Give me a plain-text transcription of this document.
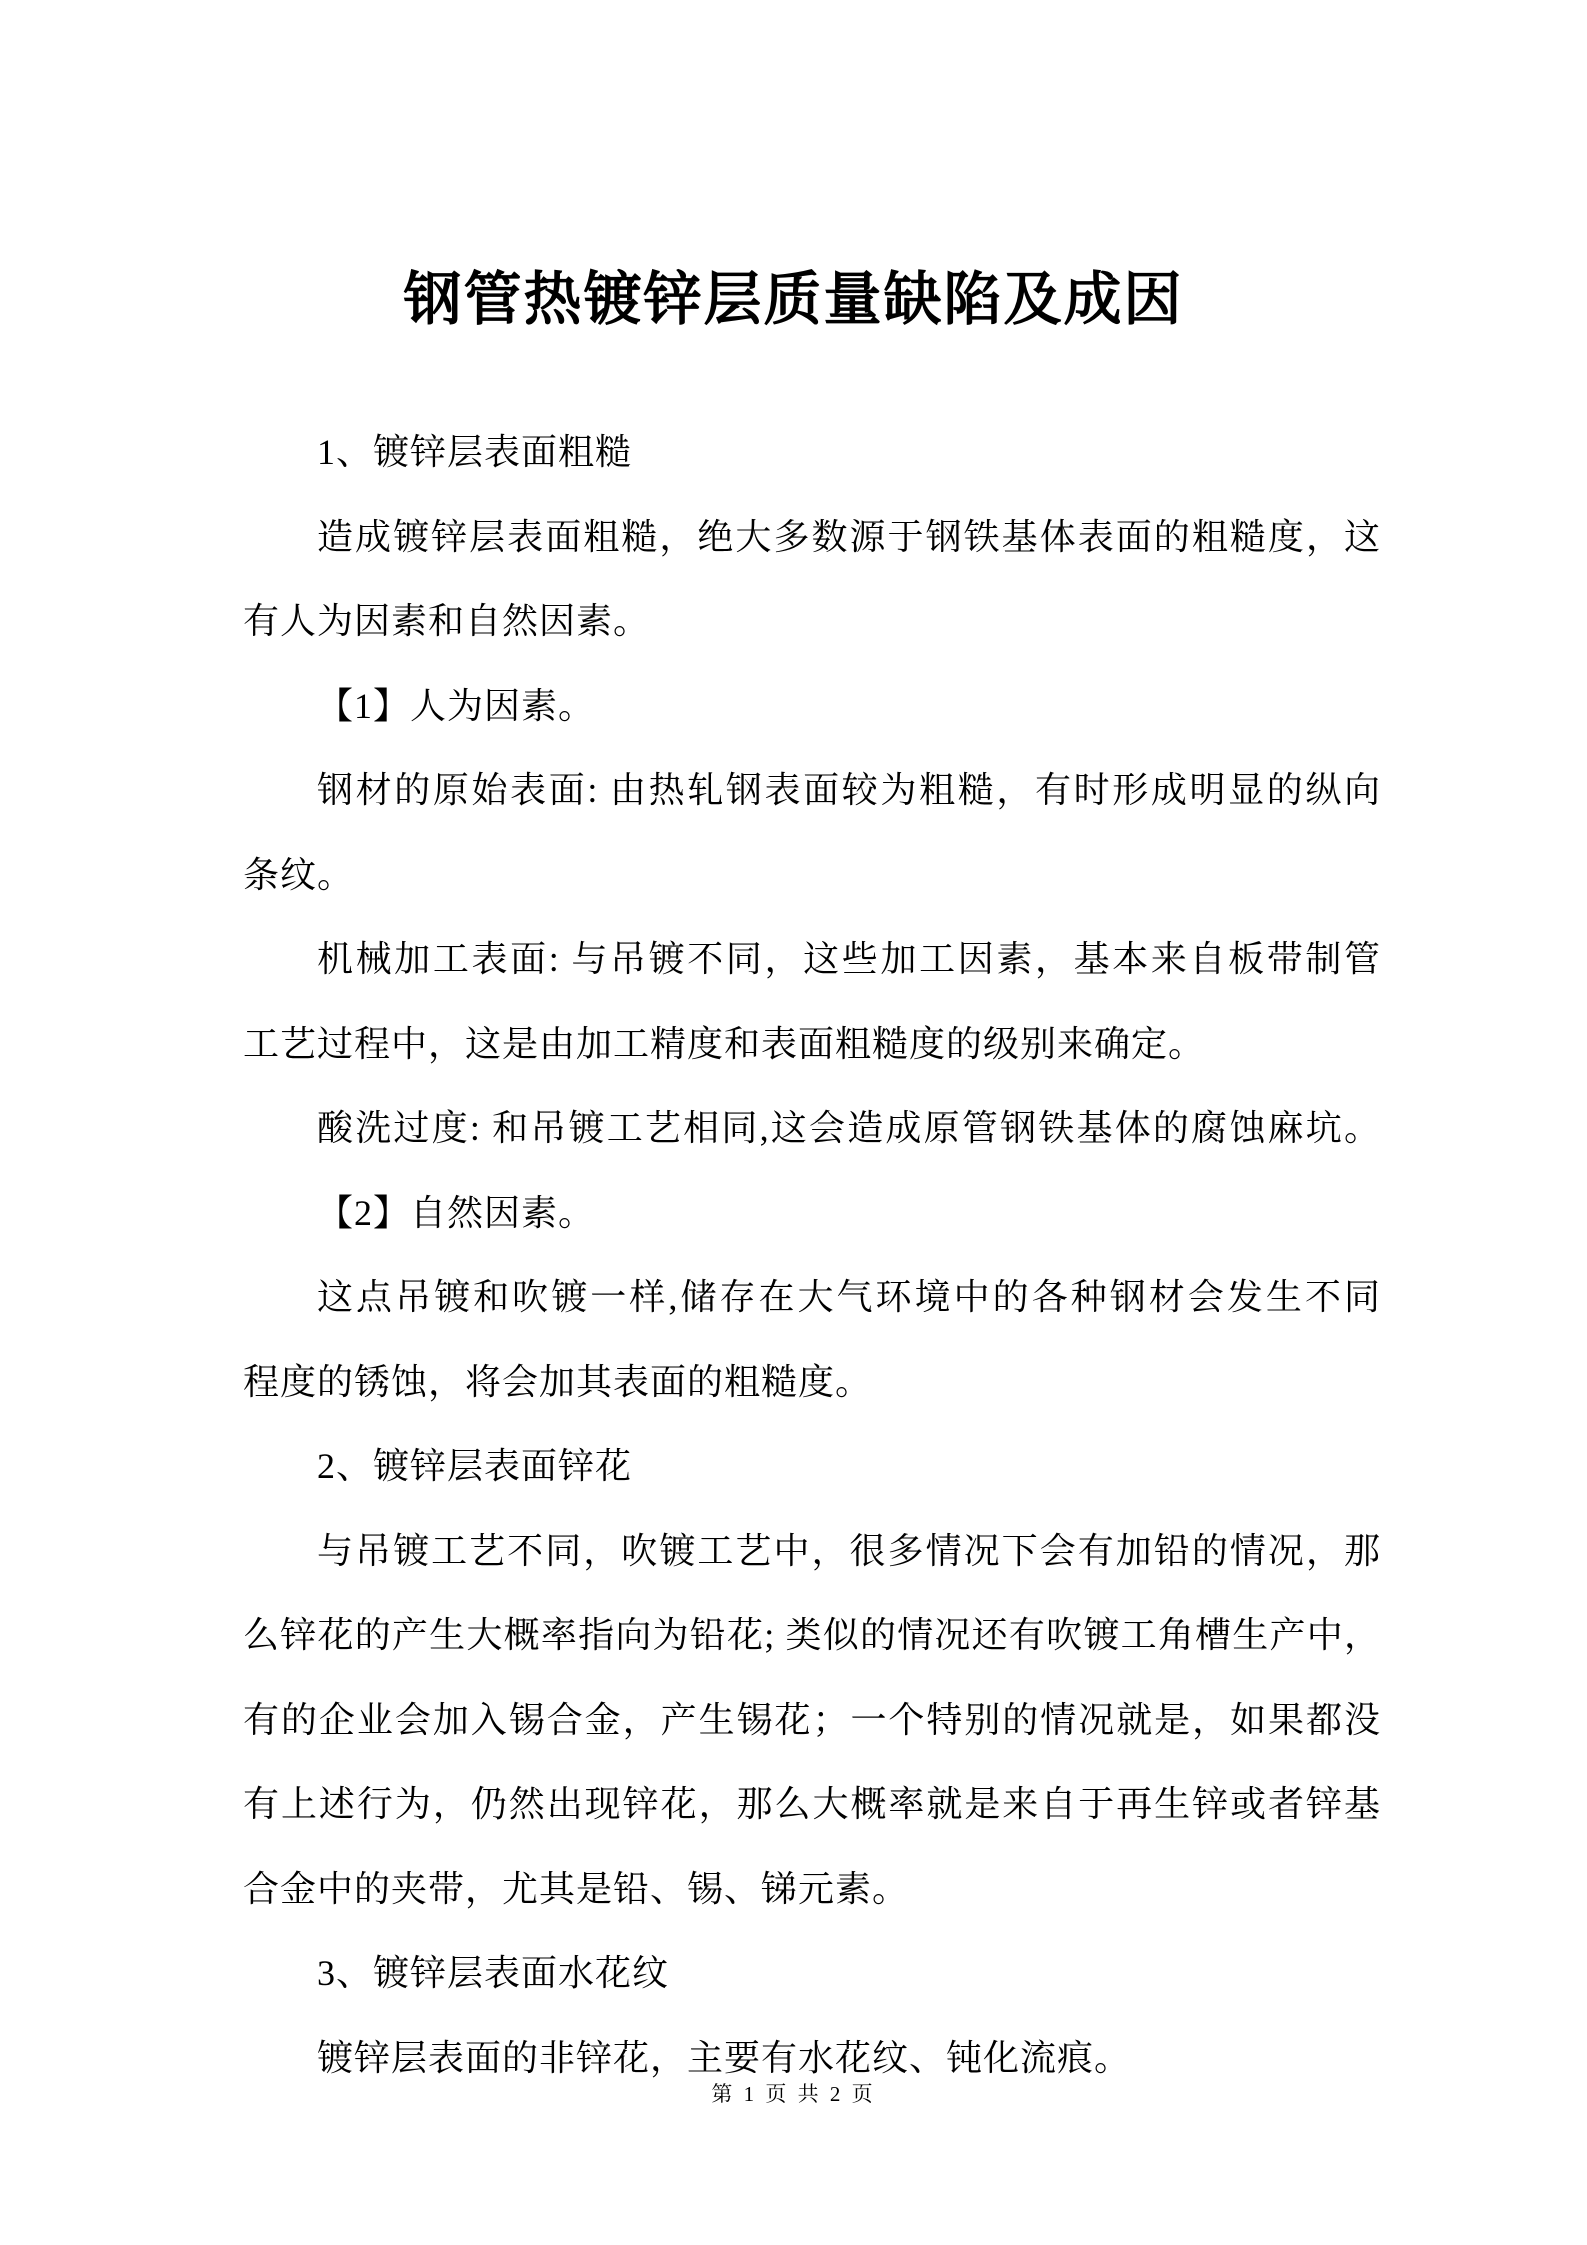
钢管热镀锌层质量缺陷及成因
1、镀锌层表面粗糙
造成镀锌层表面粗糙，绝大多数源于钢铁基体表面的粗糙度，这
有人为因素和自然因素。
【1】人为因素。
钢材的原始表面: 由热轧钢表面较为粗糙，有时形成明显的纵向
条纹。
机械加工表面: 与吊镀不同，这些加工因素，基本来自板带制管
工艺过程中，这是由加工精度和表面粗糙度的级别来确定。
酸洗过度: 和吊镀工艺相同,这会造成原管钢铁基体的腐蚀麻坑。
【2】自然因素。
这点吊镀和吹镀一样,储存在大气环境中的各种钢材会发生不同
程度的锈蚀，将会加其表面的粗糙度。
2、镀锌层表面锌花
与吊镀工艺不同，吹镀工艺中，很多情况下会有加铅的情况，那
么锌花的产生大概率指向为铅花; 类似的情况还有吹镀工角槽生产中，
有的企业会加入锡合金，产生锡花；一个特别的情况就是，如果都没
有上述行为，仍然出现锌花，那么大概率就是来自于再生锌或者锌基
合金中的夹带，尤其是铅、锡、锑元素。
3、镀锌层表面水花纹
镀锌层表面的非锌花，主要有水花纹、钝化流痕。
第 1 页 共 2 页
